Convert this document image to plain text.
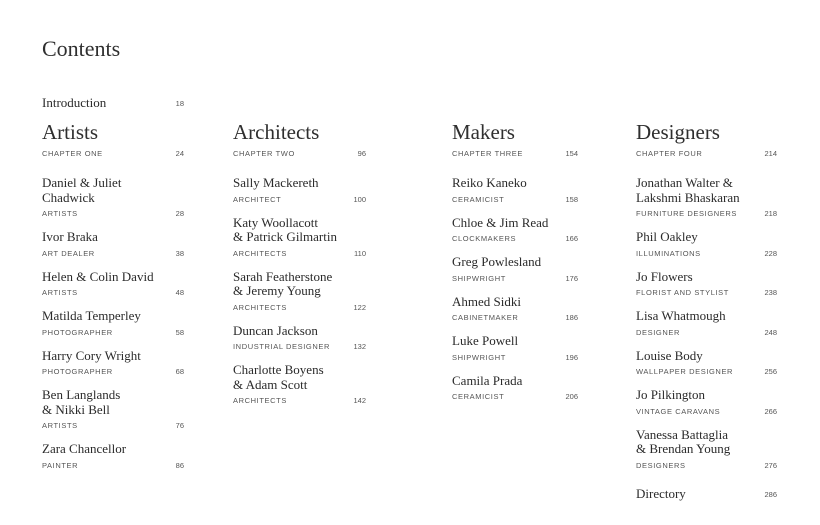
Contents
Introduction	18
Artists
CHAPTER ONE	24
Daniel & Juliet
Chadwick
ARTISTS	28
Ivor Braka
ART DEALER	38
Helen & Colin David
ARTISTS	48
Matilda Temperley
PHOTOGRAPHER	58
Harry Cory Wright
PHOTOGRAPHER	68
Ben Langlands
& Nikki Bell
ARTISTS	76
Zara Chancellor
PAINTER	86
Architects
CHAPTER TWO	96
Sally Mackereth
ARCHITECT	100
Katy Woollacott
& Patrick Gilmartin
ARCHITECTS	110
Sarah Featherstone
& Jeremy Young
ARCHITECTS	122
Duncan Jackson
INDUSTRIAL DESIGNER	132
Charlotte Boyens
& Adam Scott
ARCHITECTS	142
Makers
CHAPTER THREE	154
Reiko Kaneko
CERAMICIST	158
Chloe & Jim Read
CLOCKMAKERS	166
Greg Powlesland
SHIPWRIGHT	176
Ahmed Sidki
CABINETMAKER	186
Luke Powell
SHIPWRIGHT	196
Camila Prada
CERAMICIST	206
Designers
CHAPTER FOUR	214
Jonathan Walter &
Lakshmi Bhaskaran
FURNITURE DESIGNERS	218
Phil Oakley
ILLUMINATIONS	228
Jo Flowers
FLORIST AND STYLIST	238
Lisa Whatmough
DESIGNER	248
Louise Body
WALLPAPER DESIGNER	256
Jo Pilkington
VINTAGE CARAVANS	266
Vanessa Battaglia
& Brendan Young
DESIGNERS	276
Directory	286
